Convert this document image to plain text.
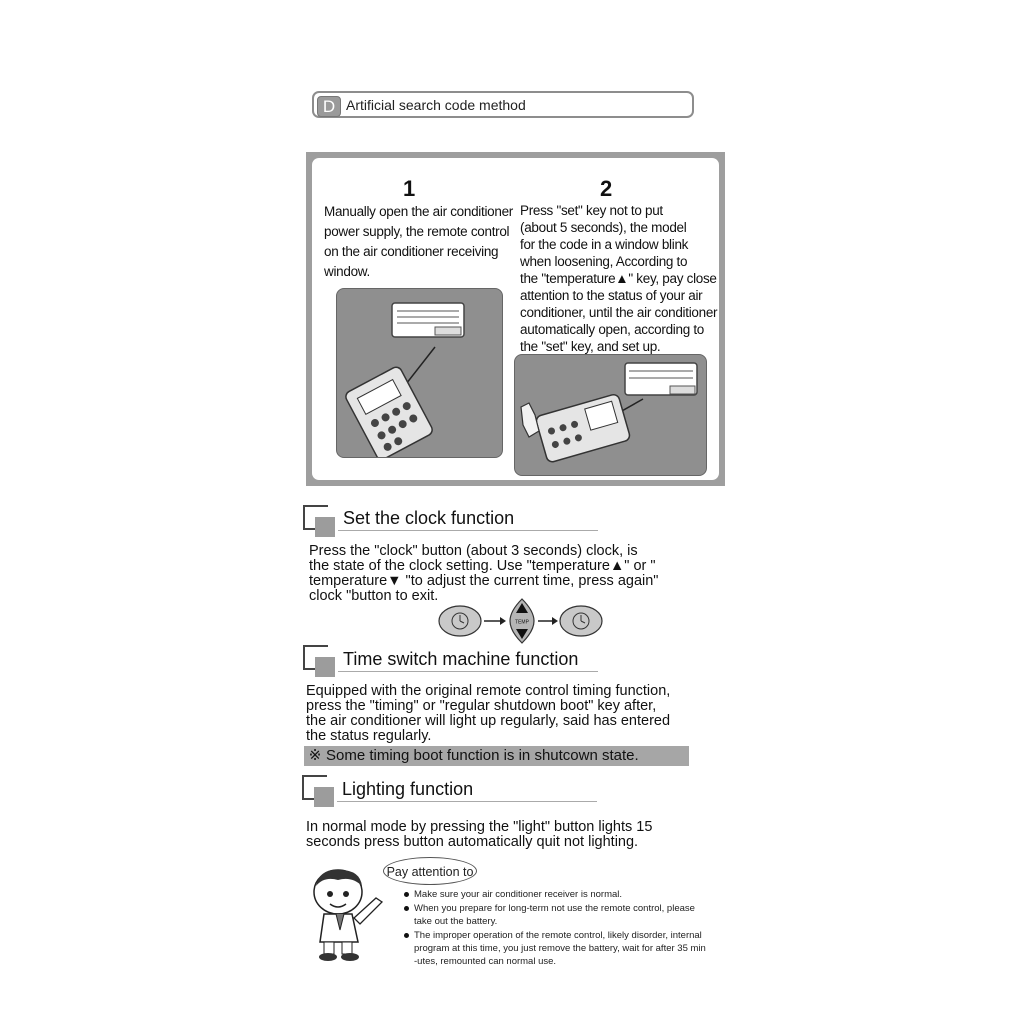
D Artificial search code method
1
Manually open the air conditioner
power supply, the remote control
on the air conditioner receiving
window.
2
Press "set" key not to put
(about 5 seconds), the model
for the code in a window blink
when loosening, According to
the "temperature▲" key, pay close
attention to the status of your air
conditioner, until the air conditioner
automatically open, according to
the "set" key, and set up.
Set the clock function
Press the "clock" button (about 3 seconds) clock, is
the state of the clock setting. Use "temperature▲" or "
temperature▼ "to adjust the current time, press again"
clock "button to exit.
TEMP
Time switch machine function
Equipped with the original remote control timing function,
press the "timing" or "regular shutdown boot" key after,
the air conditioner will light up regularly, said has entered
the status regularly.
※ Some timing boot function is in shutcown state.
Lighting function
In normal mode by pressing the "light" button lights 15
seconds press button automatically quit not lighting.
Pay attention to
Make sure your air conditioner receiver is normal.
When you prepare for long-term not use the remote control, please
take out the battery.
The improper operation of the remote control, likely disorder, internal
program at this time, you just remove the battery, wait for after 35 min
-utes, remounted can normal use.
